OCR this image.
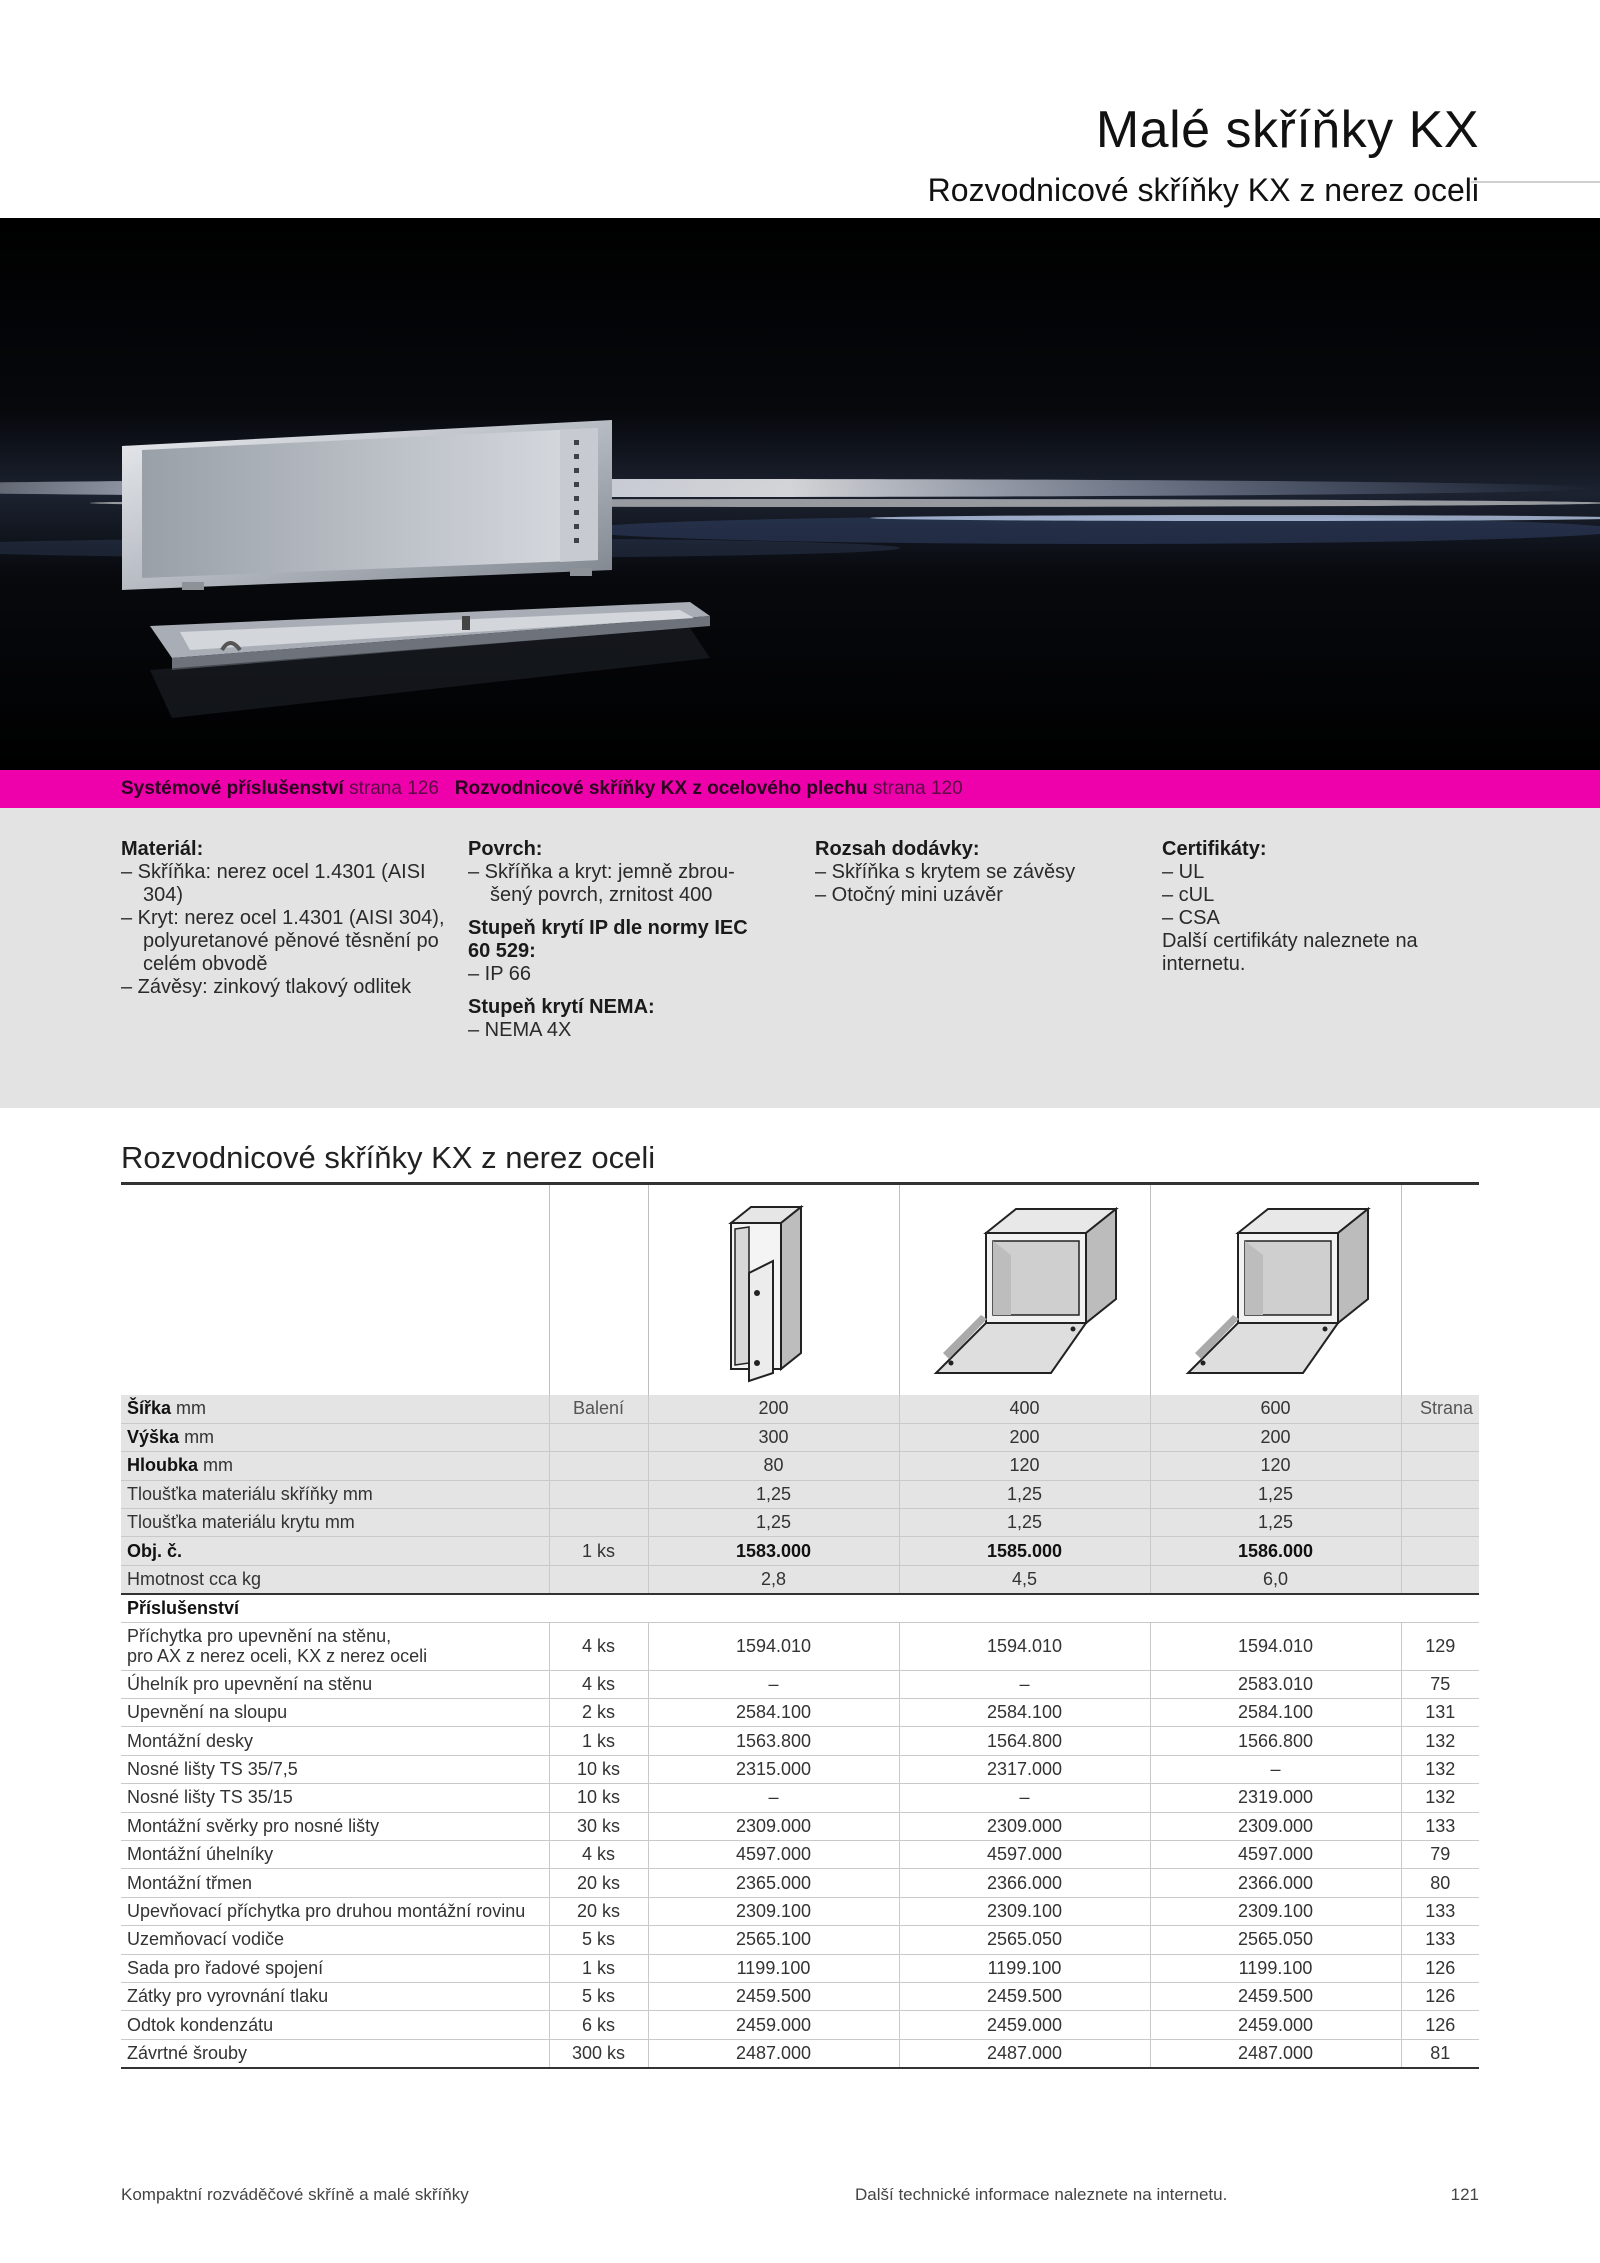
Malé skříňky KX
Rozvodnicové skříňky KX z nerez oceli
Systémové příslušenství strana 126 Rozvodnicové skříňky KX z ocelového plechu strana 120
Materiál:
– Skříňka: nerez ocel 1.4301 (AISI 304)
– Kryt: nerez ocel 1.4301 (AISI 304), polyuretanové pěnové těsnění po celém obvodě
– Závěsy: zinkový tlakový odlitek
Povrch:
– Skříňka a kryt: jemně zbroušený povrch, zrnitost 400
Stupeň krytí IP dle normy IEC 60 529:
– IP 66
Stupeň krytí NEMA:
– NEMA 4X
Rozsah dodávky:
– Skříňka s krytem se závěsy
– Otočný mini uzávěr
Certifikáty:
– UL
– cUL
– CSA
Další certifikáty naleznete na internetu.
Rozvodnicové skříňky KX z nerez oceli
Šířka mm	Balení	200	400	600	Strana
Výška mm		300	200	200	
Hloubka mm		80	120	120	
Tloušťka materiálu skříňky mm		1,25	1,25	1,25	
Tloušťka materiálu krytu mm		1,25	1,25	1,25	
Obj. č.	1 ks	1583.000	1585.000	1586.000	
Hmotnost cca kg		2,8	4,5	6,0	
Příslušenství					
Příchytka pro upevnění na stěnu,
pro AX z nerez oceli, KX z nerez oceli	4 ks	1594.010	1594.010	1594.010	129
Úhelník pro upevnění na stěnu	4 ks	–	–	2583.010	75
Upevnění na sloupu	2 ks	2584.100	2584.100	2584.100	131
Montážní desky	1 ks	1563.800	1564.800	1566.800	132
Nosné lišty TS 35/7,5	10 ks	2315.000	2317.000	–	132
Nosné lišty TS 35/15	10 ks	–	–	2319.000	132
Montážní svěrky pro nosné lišty	30 ks	2309.000	2309.000	2309.000	133
Montážní úhelníky	4 ks	4597.000	4597.000	4597.000	79
Montážní třmen	20 ks	2365.000	2366.000	2366.000	80
Upevňovací příchytka pro druhou montážní rovinu	20 ks	2309.100	2309.100	2309.100	133
Uzemňovací vodiče	5 ks	2565.100	2565.050	2565.050	133
Sada pro řadové spojení	1 ks	1199.100	1199.100	1199.100	126
Zátky pro vyrovnání tlaku	5 ks	2459.500	2459.500	2459.500	126
Odtok kondenzátu	6 ks	2459.000	2459.000	2459.000	126
Závrtné šrouby	300 ks	2487.000	2487.000	2487.000	81
Kompaktní rozváděčové skříně a malé skříňky	Další technické informace naleznete na internetu.	121
